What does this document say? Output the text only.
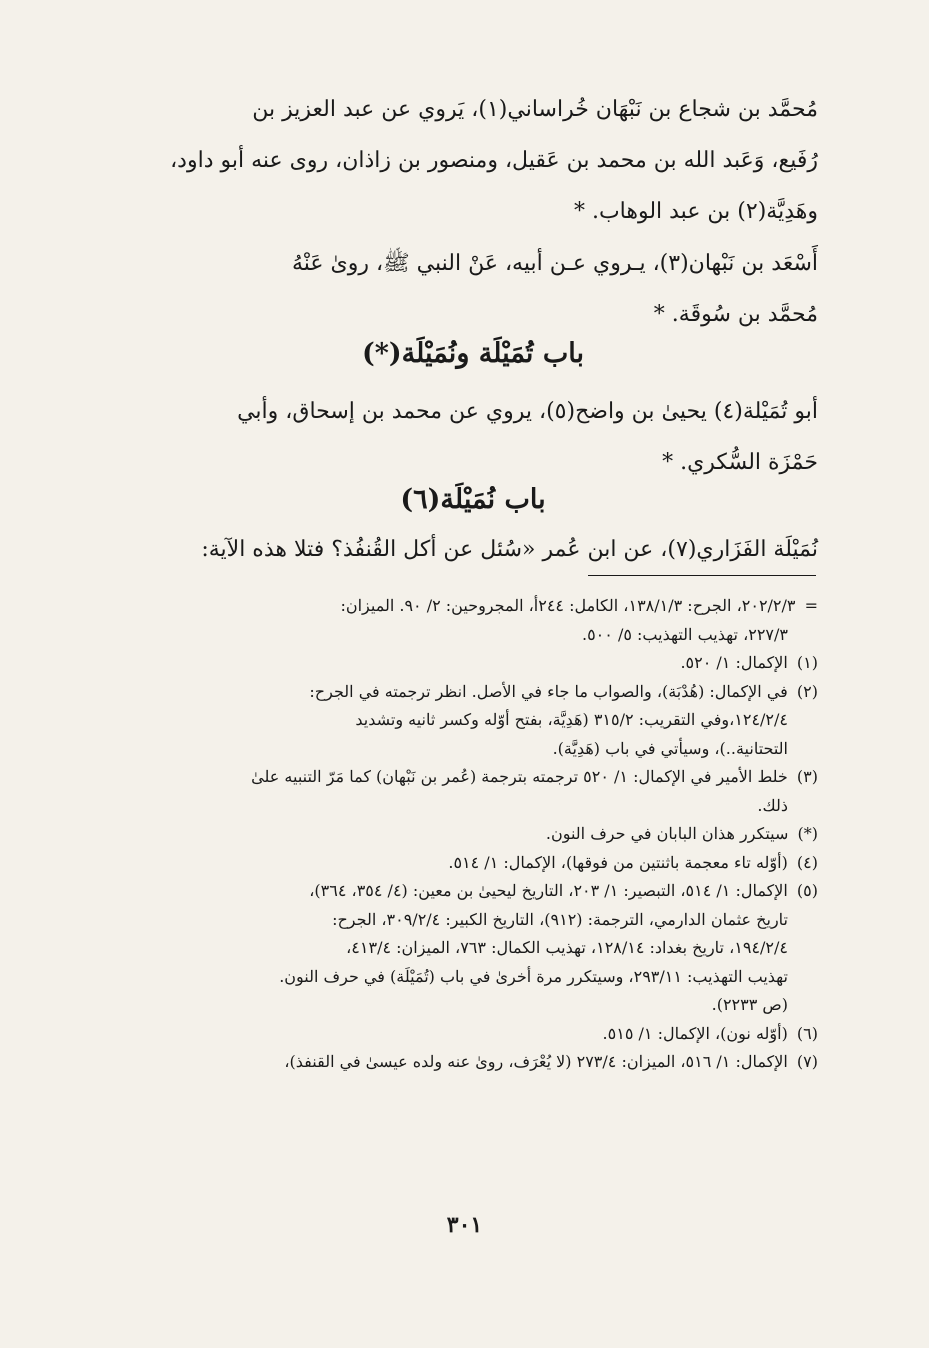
مُحمَّد بن شجاع بن نَبْهَان خُراساني(١)، يَروي عن عبد العزيز بن

رُفَيع، وَعَبد الله بن محمد بن عَقيل، ومنصور بن زاذان، روى عنه أبو داود،

وهَدِيَّة(٢) بن عبد الوهاب. *

أَسْعَد بن نَبْهان(٣)، يـروي عـن أبيه، عَنْ النبي ﷺ، روىٰ عَنْهُ

مُحمَّد بن سُوقَة. *

باب تُمَيْلَة ونُمَيْلَة(*)

أبو تُمَيْلة(٤) يحيىٰ بن واضح(٥)، يروي عن محمد بن إسحاق، وأبي

حَمْزَة السُّكري. *

باب نُمَيْلَة(٦)

نُمَيْلَة الفَزَاري(٧)، عن ابن عُمر «سُئل عن أكل القُنفُذ؟ فتلا هذه الآية:

= ٢٠٢/٢/٣، الجرح: ١٣٨/١/٣، الكامل: ٢٤٤أ، المجروحين: ٢/ ٩٠. الميزان:
٢٢٧/٣، تهذيب التهذيب: ٥/ ٥٠٠.

(١) الإكمال: ١/ ٥٢٠.

(٢) في الإكمال: (هُدْبَة)، والصواب ما جاء في الأصل. انظر ترجمته في الجرح:
١٢٤/٢/٤،وفي التقريب: ٣١٥/٢ (هَدِيَّة، بفتح أوّله وكسر ثانيه وتشديد
التحتانية..)، وسيأتي في باب (هَدِيَّة).

(٣) خلط الأمير في الإكمال: ١/ ٥٢٠ ترجمته بترجمة (عُمر بن نَبْهان) كما مَرّ التنبيه علىٰ
ذلك.

(*) سيتكرر هذان البابان في حرف النون.

(٤) (أوّله تاء معجمة باثنتين من فوقها)، الإكمال: ١/ ٥١٤.

(٥) الإكمال: ١/ ٥١٤، التبصير: ١/ ٢٠٣، التاريخ ليحيىٰ بن معين: (٤/ ٣٥٤، ٣٦٤)،
تاريخ عثمان الدارمي، الترجمة: (٩١٢)، التاريخ الكبير: ٣٠٩/٢/٤، الجرح:
١٩٤/٢/٤، تاريخ بغداد: ١٢٨/١٤، تهذيب الكمال: ٧٦٣، الميزان: ٤١٣/٤،
تهذيب التهذيب: ٢٩٣/١١، وسيتكرر مرة أخرىٰ في باب (تُمَيْلَة) في حرف النون.
(ص ٢٢٣٣).

(٦) (أوّله نون)، الإكمال: ١/ ٥١٥.

(٧) الإكمال: ١/ ٥١٦، الميزان: ٢٧٣/٤ (لا يُعْرَف، روىٰ عنه ولده عيسىٰ في القنفذ)،

٣٠١
